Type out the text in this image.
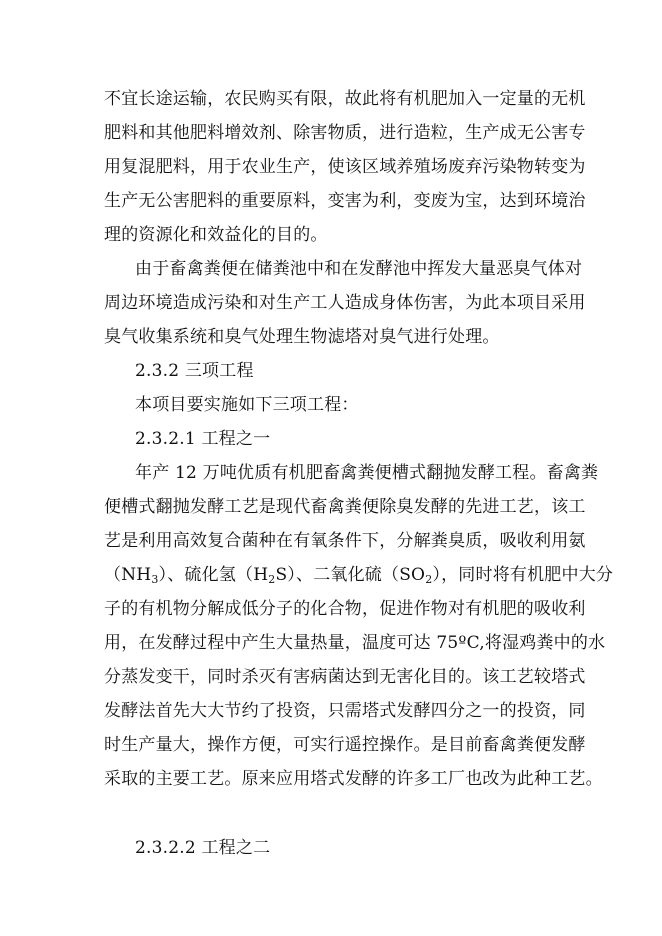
不宜长途运输，农民购买有限，故此将有机肥加入一定量的无机
肥料和其他肥料增效剂、除害物质，进行造粒，生产成无公害专
用复混肥料，用于农业生产，使该区域养殖场废弃污染物转变为
生产无公害肥料的重要原料，变害为利，变废为宝，达到环境治
理的资源化和效益化的目的。
由于畜禽粪便在储粪池中和在发酵池中挥发大量恶臭气体对
周边环境造成污染和对生产工人造成身体伤害，为此本项目采用
臭气收集系统和臭气处理生物滤塔对臭气进行处理。
2.3.2 三项工程
本项目要实施如下三项工程：
2.3.2.1 工程之一
年产 12 万吨优质有机肥畜禽粪便槽式翻抛发酵工程。畜禽粪
便槽式翻抛发酵工艺是现代畜禽粪便除臭发酵的先进工艺，该工
艺是利用高效复合菌种在有氧条件下，分解粪臭质，吸收利用氨
$(NH_3)$、硫化氢$(H_2S)$、二氧化硫$(SO_2)$，同时将有机肥中大分
子的有机物分解成低分子的化合物，促进作物对有机肥的吸收利
用，在发酵过程中产生大量热量，温度可达 75ºC,将湿鸡粪中的水
分蒸发变干，同时杀灭有害病菌达到无害化目的。该工艺较塔式
发酵法首先大大节约了投资，只需塔式发酵四分之一的投资，同
时生产量大，操作方便，可实行遥控操作。是目前畜禽粪便发酵
采取的主要工艺。原来应用塔式发酵的许多工厂也改为此种工艺。
2.3.2.2 工程之二
